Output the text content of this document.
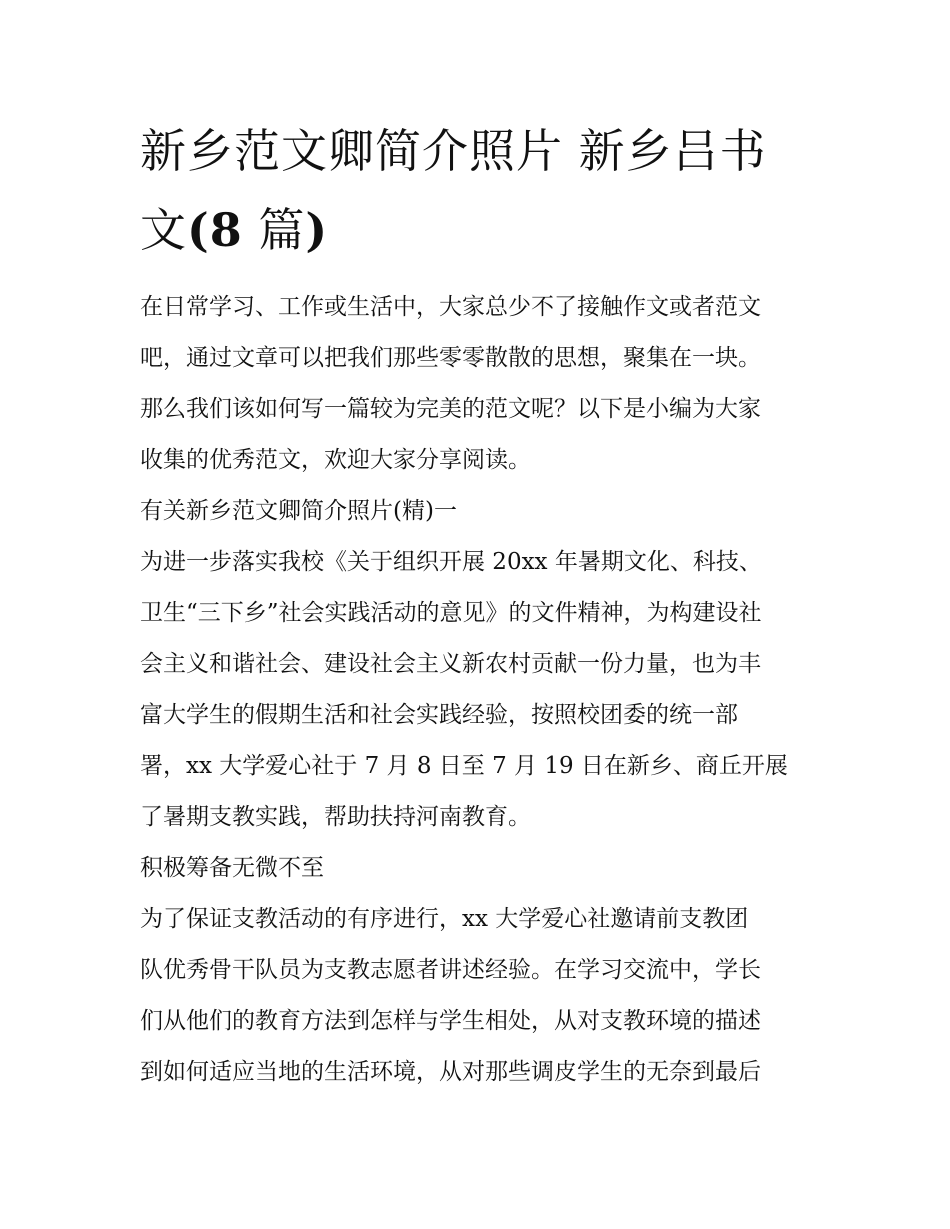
新乡范文卿简介照片 新乡吕书
文(8 篇)

在日常学习、工作或生活中，大家总少不了接触作文或者范文
吧，通过文章可以把我们那些零零散散的思想，聚集在一块。
那么我们该如何写一篇较为完美的范文呢？以下是小编为大家
收集的优秀范文，欢迎大家分享阅读。

有关新乡范文卿简介照片(精)一

为进一步落实我校《关于组织开展 20xx 年暑期文化、科技、
卫生“三下乡”社会实践活动的意见》的文件精神，为构建设社
会主义和谐社会、建设社会主义新农村贡献一份力量，也为丰
富大学生的假期生活和社会实践经验，按照校团委的统一部
署，xx 大学爱心社于 7 月 8 日至 7 月 19 日在新乡、商丘开展
了暑期支教实践，帮助扶持河南教育。

积极筹备无微不至

为了保证支教活动的有序进行，xx 大学爱心社邀请前支教团
队优秀骨干队员为支教志愿者讲述经验。在学习交流中，学长
们从他们的教育方法到怎样与学生相处，从对支教环境的描述
到如何适应当地的生活环境，从对那些调皮学生的无奈到最后
